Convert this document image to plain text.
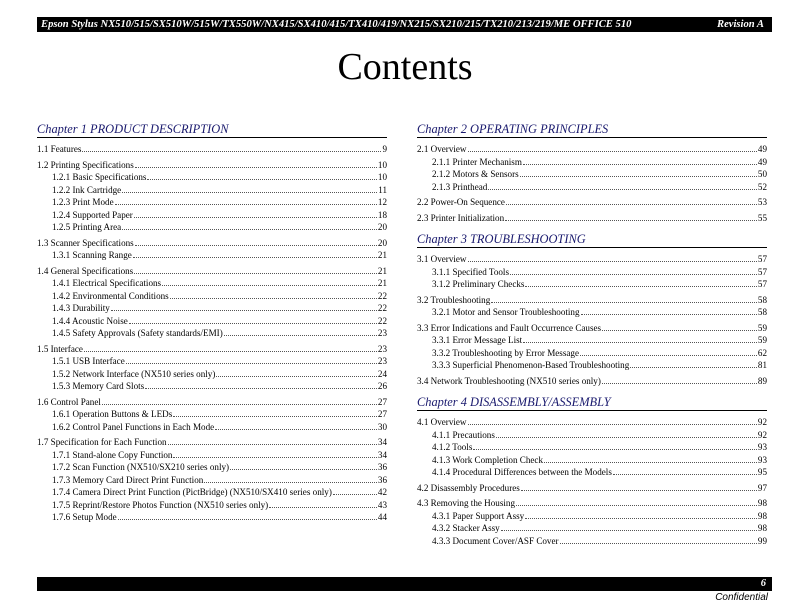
Epson Stylus NX510/515/SX510W/515W/TX550W/NX415/SX410/415/TX410/419/NX215/SX210/215/TX210/213/219/ME OFFICE 510	Revision A
Contents
Chapter 1 PRODUCT DESCRIPTION
1.1 Features	9
1.2 Printing Specifications	10
1.2.1 Basic Specifications	10
1.2.2 Ink Cartridge	11
1.2.3 Print Mode	12
1.2.4 Supported Paper	18
1.2.5 Printing Area	20
1.3 Scanner Specifications	20
1.3.1 Scanning Range	21
1.4 General Specifications	21
1.4.1 Electrical Specifications	21
1.4.2 Environmental Conditions	22
1.4.3 Durability	22
1.4.4 Acoustic Noise	22
1.4.5 Safety Approvals (Safety standards/EMI)	23
1.5 Interface	23
1.5.1 USB Interface	23
1.5.2 Network Interface (NX510 series only)	24
1.5.3 Memory Card Slots	26
1.6 Control Panel	27
1.6.1 Operation Buttons & LEDs	27
1.6.2 Control Panel Functions in Each Mode	30
1.7 Specification for Each Function	34
1.7.1 Stand-alone Copy Function	34
1.7.2 Scan Function (NX510/SX210 series only)	36
1.7.3 Memory Card Direct Print Function	36
1.7.4 Camera Direct Print Function (PictBridge) (NX510/SX410 series only)	42
1.7.5 Reprint/Restore Photos Function (NX510 series only)	43
1.7.6 Setup Mode	44
Chapter 2 OPERATING PRINCIPLES
2.1 Overview	49
2.1.1 Printer Mechanism	49
2.1.2 Motors & Sensors	50
2.1.3 Printhead	52
2.2 Power-On Sequence	53
2.3 Printer Initialization	55
Chapter 3 TROUBLESHOOTING
3.1 Overview	57
3.1.1 Specified Tools	57
3.1.2 Preliminary Checks	57
3.2 Troubleshooting	58
3.2.1 Motor and Sensor Troubleshooting	58
3.3 Error Indications and Fault Occurrence Causes	59
3.3.1 Error Message List	59
3.3.2 Troubleshooting by Error Message	62
3.3.3 Superficial Phenomenon-Based Troubleshooting	81
3.4 Network Troubleshooting (NX510 series only)	89
Chapter 4 DISASSEMBLY/ASSEMBLY
4.1 Overview	92
4.1.1 Precautions	92
4.1.2 Tools	93
4.1.3 Work Completion Check	93
4.1.4 Procedural Differences between the Models	95
4.2 Disassembly Procedures	97
4.3 Removing the Housing	98
4.3.1 Paper Support Assy	98
4.3.2 Stacker Assy	98
4.3.3 Document Cover/ASF Cover	99
6
Confidential
